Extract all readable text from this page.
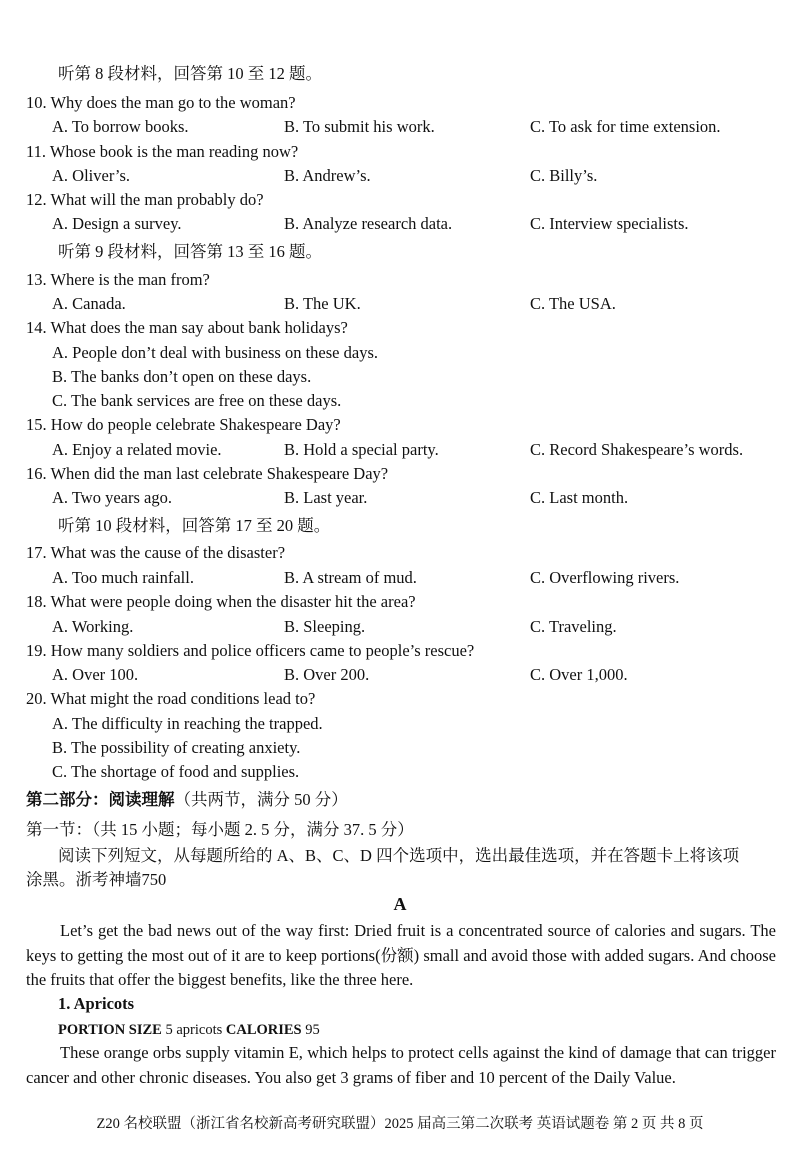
听第 8 段材料，回答第 10 至 12 题。
10. Why does the man go to the woman?
A. To borrow books.	B. To submit his work.	C. To ask for time extension.
11. Whose book is the man reading now?
A. Oliver’s.	B. Andrew’s.	C. Billy’s.
12. What will the man probably do?
A. Design a survey.	B. Analyze research data.	C. Interview specialists.
听第 9 段材料，回答第 13 至 16 题。
13. Where is the man from?
A. Canada.	B. The UK.	C. The USA.
14. What does the man say about bank holidays?
A. People don’t deal with business on these days.
B. The banks don’t open on these days.
C. The bank services are free on these days.
15. How do people celebrate Shakespeare Day?
A. Enjoy a related movie.	B. Hold a special party.	C. Record Shakespeare’s words.
16. When did the man last celebrate Shakespeare Day?
A. Two years ago.	B. Last year.	C. Last month.
听第 10 段材料，回答第 17 至 20 题。
17. What was the cause of the disaster?
A. Too much rainfall.	B. A stream of mud.	C. Overflowing rivers.
18. What were people doing when the disaster hit the area?
A. Working.	B. Sleeping.	C. Traveling.
19. How many soldiers and police officers came to people’s rescue?
A. Over 100.	B. Over 200.	C. Over 1,000.
20. What might the road conditions lead to?
A. The difficulty in reaching the trapped.
B. The possibility of creating anxiety.
C. The shortage of food and supplies.
第二部分：阅读理解（共两节，满分 50 分）
第一节：（共 15 小题；每小题 2. 5 分，满分 37. 5 分）
阅读下列短文，从每题所给的 A、B、C、D 四个选项中，选出最佳选项，并在答题卡上将该项
涂黑。浙考神墙750
A
Let’s get the bad news out of the way first: Dried fruit is a concentrated source of calories and sugars. The keys to getting the most out of it are to keep portions(份额) small and avoid those with added sugars. And choose the fruits that offer the biggest benefits, like the three here.
1. Apricots
PORTION SIZE 5 apricots CALORIES 95
These orange orbs supply vitamin E, which helps to protect cells against the kind of damage that can trigger cancer and other chronic diseases. You also get 3 grams of fiber and 10 percent of the Daily Value.
Z20 名校联盟（浙江省名校新高考研究联盟）2025 届高三第二次联考 英语试题卷 第 2 页 共 8 页
